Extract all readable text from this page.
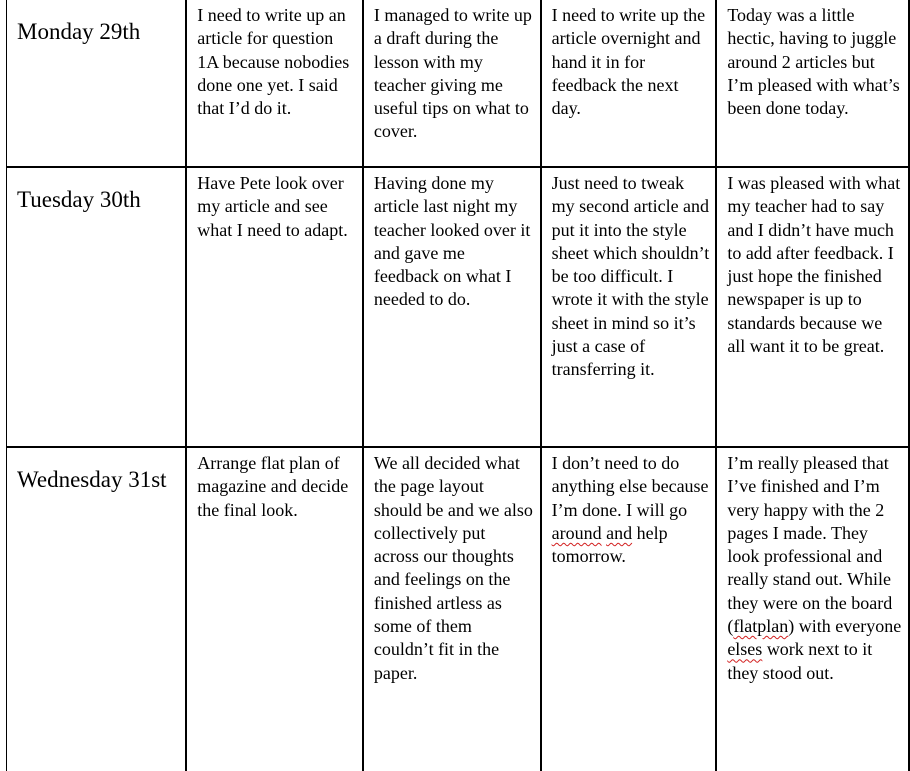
Monday 29th	I need to write up an article for question 1A because nobodies done one yet. I said that I’d do it.	I managed to write up a draft during the lesson with my teacher giving me useful tips on what to cover.	I need to write up the article overnight and hand it in for feedback the next day.	Today was a little hectic, having to juggle around 2 articles but I’m pleased with what’s been done today.
Tuesday 30th	Have Pete look over my article and see what I need to adapt.	Having done my article last night my teacher looked over it and gave me feedback on what I needed to do.	Just need to tweak my second article and put it into the style sheet which shouldn’t be too difficult. I wrote it with the style sheet in mind so it’s just a case of transferring it.	I was pleased with what my teacher had to say and I didn’t have much to add after feedback. I just hope the finished newspaper is up to standards because we all want it to be great.
Wednesday 31st	Arrange flat plan of magazine and decide the final look.	We all decided what the page layout should be and we also collectively put across our thoughts and feelings on the finished artless as some of them couldn’t fit in the paper.	I don’t need to do anything else because I’m done. I will go around and help tomorrow.	I’m really pleased that I’ve finished and I’m very happy with the 2 pages I made. They look professional and really stand out. While they were on the board (flatplan) with everyone elses work next to it they stood out.
